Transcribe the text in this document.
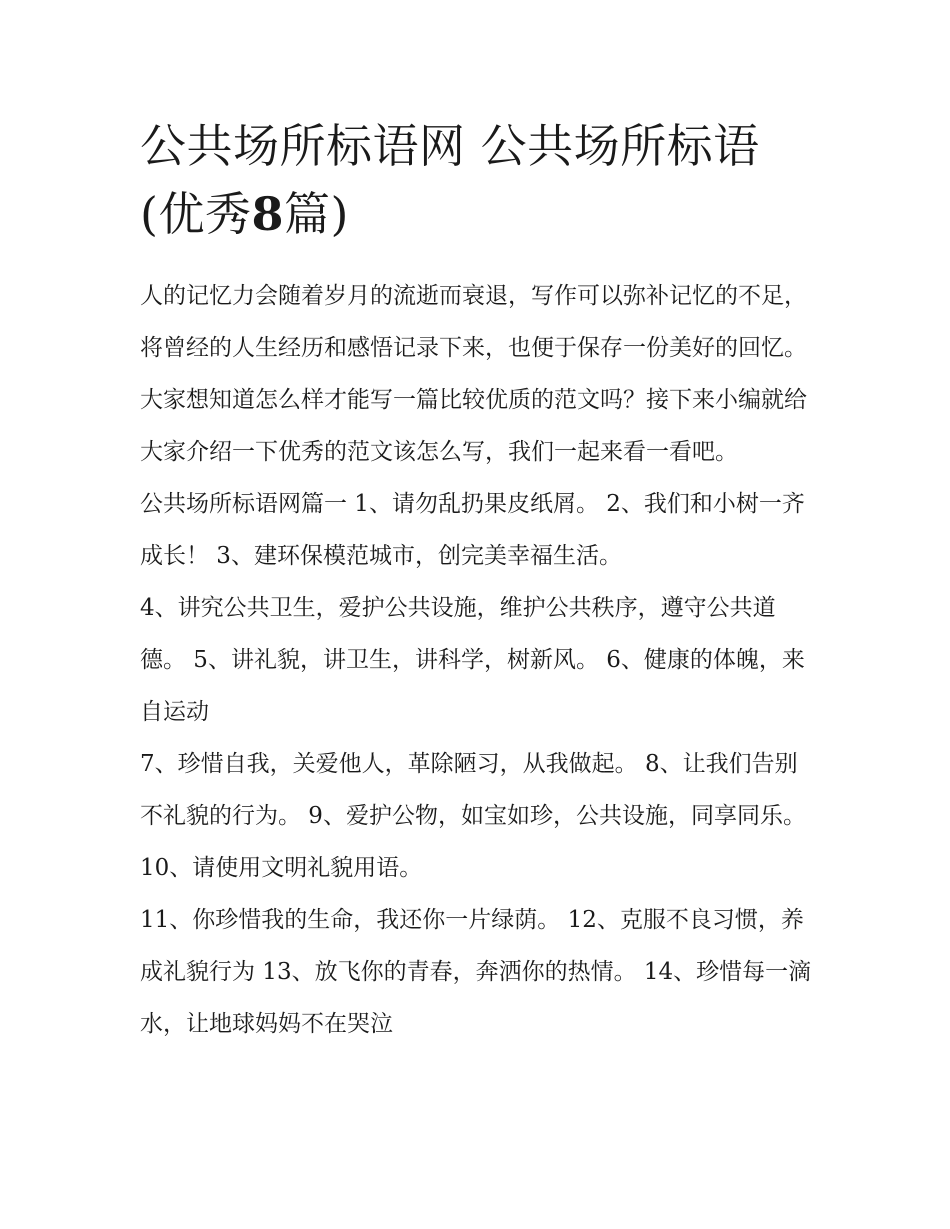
公共场所标语网 公共场所标语(优秀8篇)

人的记忆力会随着岁月的流逝而衰退，写作可以弥补记忆的不足，将曾经的人生经历和感悟记录下来，也便于保存一份美好的回忆。大家想知道怎么样才能写一篇比较优质的范文吗？接下来小编就给大家介绍一下优秀的范文该怎么写，我们一起来看一看吧。

公共场所标语网篇一 1、请勿乱扔果皮纸屑。 2、我们和小树一齐成长！ 3、建环保模范城市，创完美幸福生活。

4、讲究公共卫生，爱护公共设施，维护公共秩序，遵守公共道德。 5、讲礼貌，讲卫生，讲科学，树新风。 6、健康的体魄，来自运动

7、珍惜自我，关爱他人，革除陋习，从我做起。 8、让我们告别不礼貌的行为。 9、爱护公物，如宝如珍，公共设施，同享同乐。 10、请使用文明礼貌用语。

11、你珍惜我的生命，我还你一片绿荫。 12、克服不良习惯，养成礼貌行为 13、放飞你的青春，奔洒你的热情。 14、珍惜每一滴水，让地球妈妈不在哭泣
